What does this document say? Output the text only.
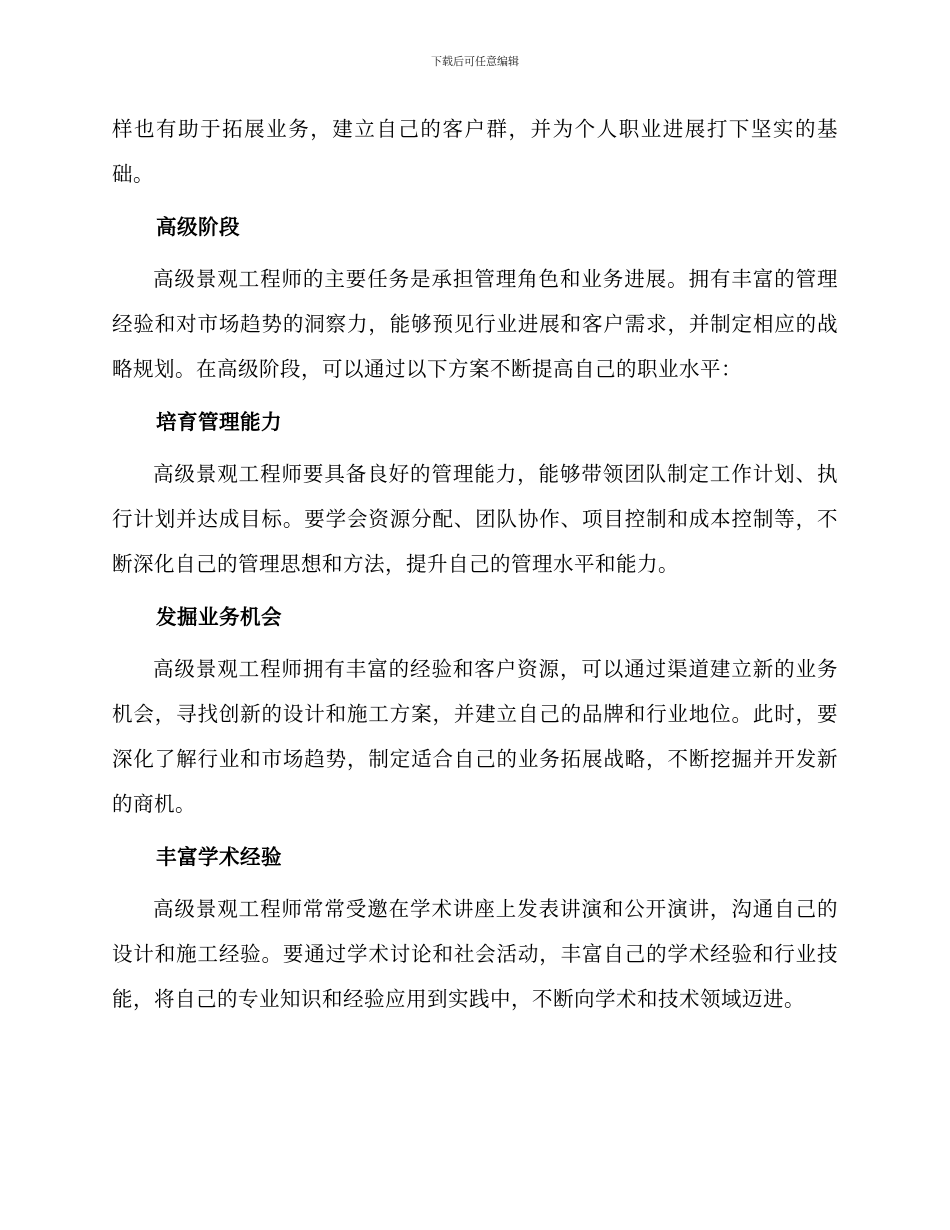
下载后可任意编辑

样也有助于拓展业务，建立自己的客户群，并为个人职业进展打下坚实的基础。

高级阶段

高级景观工程师的主要任务是承担管理角色和业务进展。拥有丰富的管理经验和对市场趋势的洞察力，能够预见行业进展和客户需求，并制定相应的战略规划。在高级阶段，可以通过以下方案不断提高自己的职业水平：

培育管理能力

高级景观工程师要具备良好的管理能力，能够带领团队制定工作计划、执行计划并达成目标。要学会资源分配、团队协作、项目控制和成本控制等，不断深化自己的管理思想和方法，提升自己的管理水平和能力。

发掘业务机会

高级景观工程师拥有丰富的经验和客户资源，可以通过渠道建立新的业务机会，寻找创新的设计和施工方案，并建立自己的品牌和行业地位。此时，要深化了解行业和市场趋势，制定适合自己的业务拓展战略，不断挖掘并开发新的商机。

丰富学术经验

高级景观工程师常常受邀在学术讲座上发表讲演和公开演讲，沟通自己的设计和施工经验。要通过学术讨论和社会活动，丰富自己的学术经验和行业技能，将自己的专业知识和经验应用到实践中，不断向学术和技术领域迈进。
